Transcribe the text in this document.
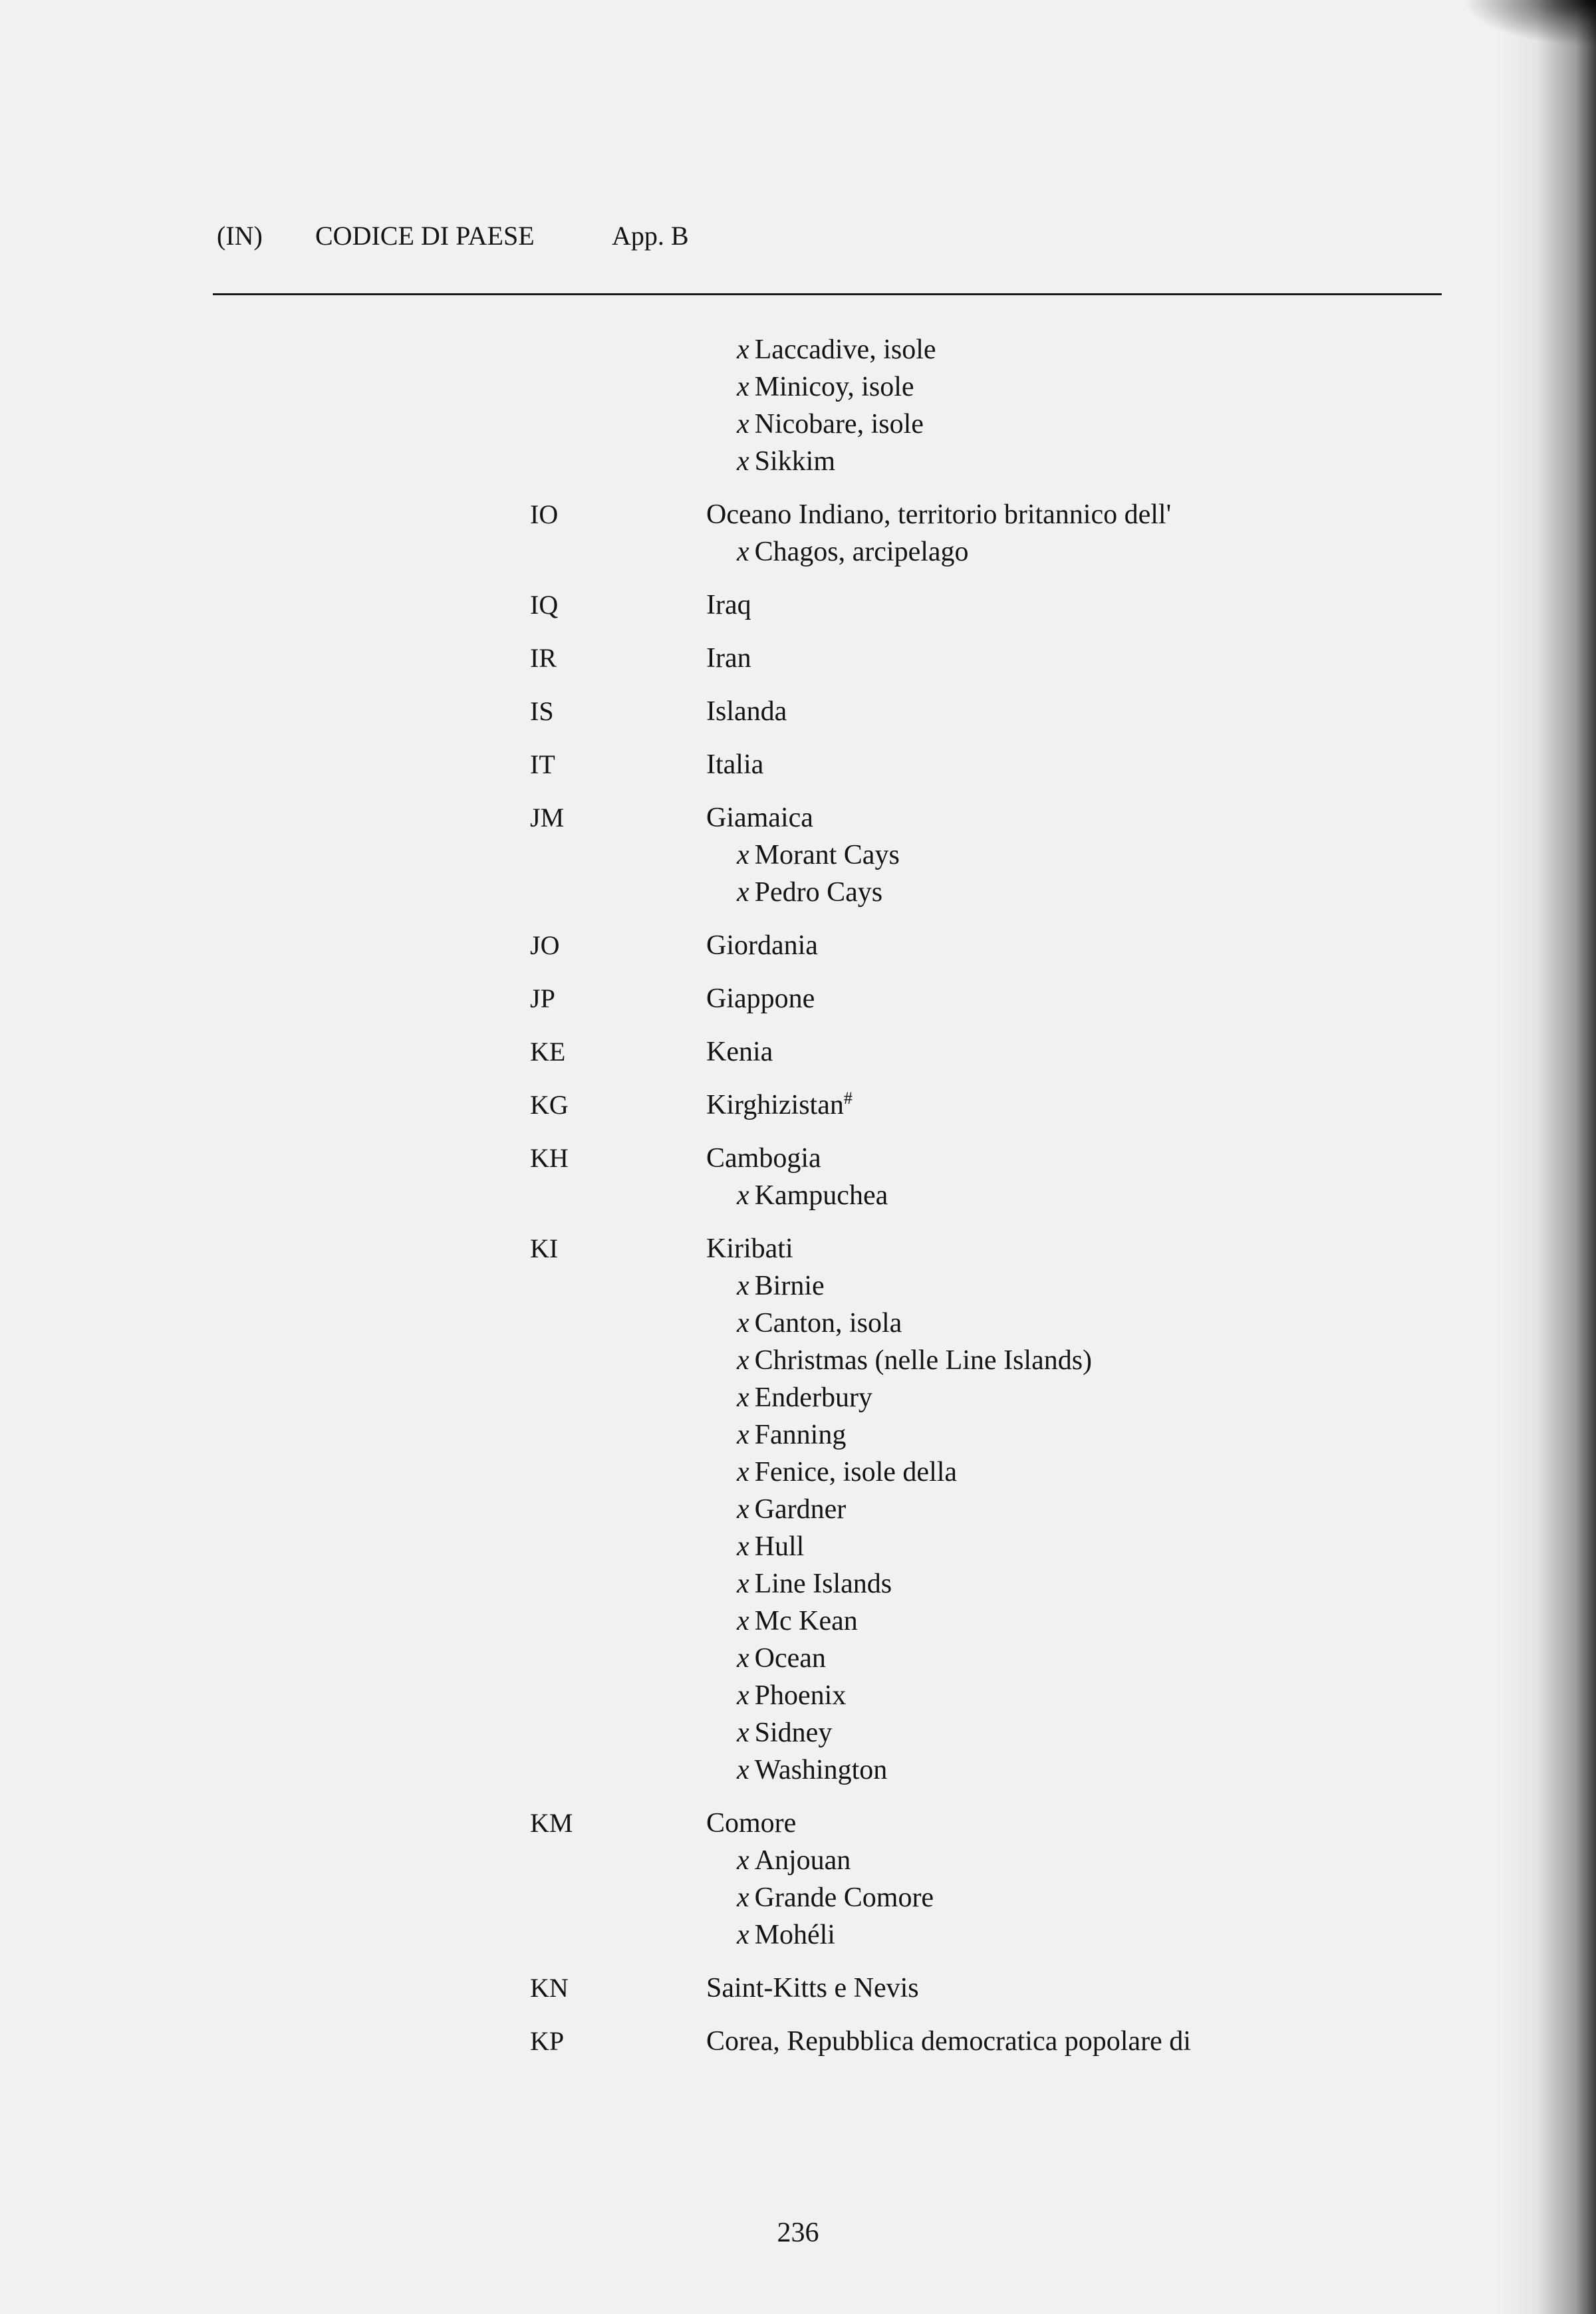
(IN) CODICE DI PAESE	App. B
x Laccadive, isole
x Minicoy, isole
x Nicobare, isole
x Sikkim
IO	Oceano Indiano, territorio britannico dell'
x Chagos, arcipelago
IQ	Iraq
IR	Iran
IS	Islanda
IT	Italia
JM	Giamaica
x Morant Cays
x Pedro Cays
JO	Giordania
JP	Giappone
KE	Kenia
KG	Kirghizistan#
KH	Cambogia
x Kampuchea
KI	Kiribati
x Birnie
x Canton, isola
x Christmas (nelle Line Islands)
x Enderbury
x Fanning
x Fenice, isole della
x Gardner
x Hull
x Line Islands
x Mc Kean
x Ocean
x Phoenix
x Sidney
x Washington
KM	Comore
x Anjouan
x Grande Comore
x Mohéli
KN	Saint-Kitts e Nevis
KP	Corea, Repubblica democratica popolare di
236
